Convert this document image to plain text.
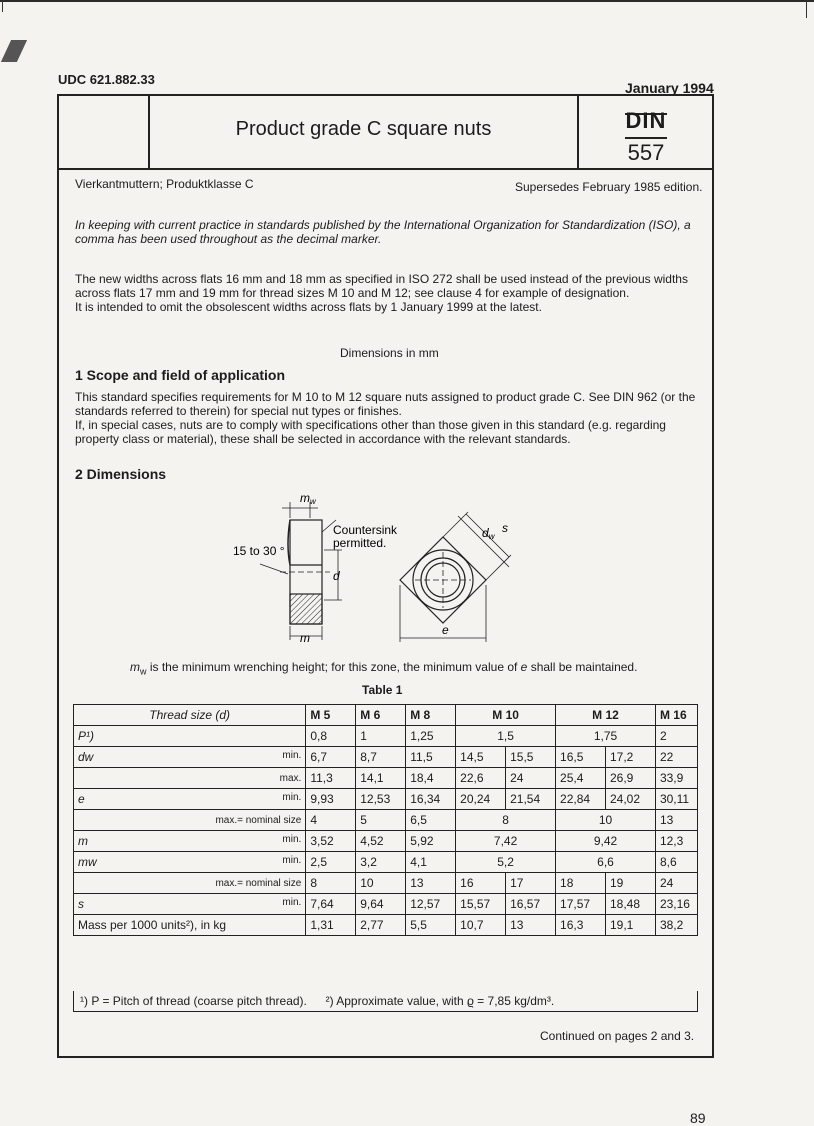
UDC 621.882.33
January 1994
Product grade C square nuts	DIN
557
Vierkantmuttern; Produktklasse C	Supersedes February 1985 edition.
In keeping with current practice in standards published by the International Organization for Standardization (ISO), a comma has been used throughout as the decimal marker.
The new widths across flats 16 mm and 18 mm as specified in ISO 272 shall be used instead of the previous widths across flats 17 mm and 19 mm for thread sizes M 10 and M 12; see clause 4 for example of designation.
It is intended to omit the obsolescent widths across flats by 1 January 1999 at the latest.
Dimensions in mm
1 Scope and field of application
This standard specifies requirements for M 10 to M 12 square nuts assigned to product grade C. See DIN 962 (or the standards referred to therein) for special nut types or finishes.
If, in special cases, nuts are to comply with specifications other than those given in this standard (e.g. regarding property class or material), these shall be selected in accordance with the relevant standards.
2 Dimensions
mw
Countersink
permitted.
15 to 30 °
d
m
dw
s
e
$m_w$ is the minimum wrenching height; for this zone, the minimum value of e shall be maintained.
Table 1
Thread size (d)	M 5	M 6	M 8	M 10		M 12		M 16
P¹)	0,8	1	1,25	1,5		1,75		2
dw min.	6,7	8,7	11,5	14,5	15,5	16,5	17,2	22

max.	11,3	14,1	18,4	22,6	24	25,4	26,9	33,9
e min.	9,93	12,53	16,34	20,24	21,54	22,84	24,02	30,11

max.= nominal size	4	5	6,5	8		10		13
m min.	3,52	4,52	5,92	7,42		9,42		12,3
mw min.	2,5	3,2	4,1	5,2		6,6		8,6

max.= nominal size	8	10	13	16	17	18	19	24
s min.	7,64	9,64	12,57	15,57	16,57	17,57	18,48	23,16
Mass per 1000 units²), in kg	1,31	2,77	5,5	10,7	13	16,3	19,1	38,2
¹) P = Pitch of thread (coarse pitch thread). ²) Approximate value, with ϱ = 7,85 kg/dm³.
Continued on pages 2 and 3.
89
